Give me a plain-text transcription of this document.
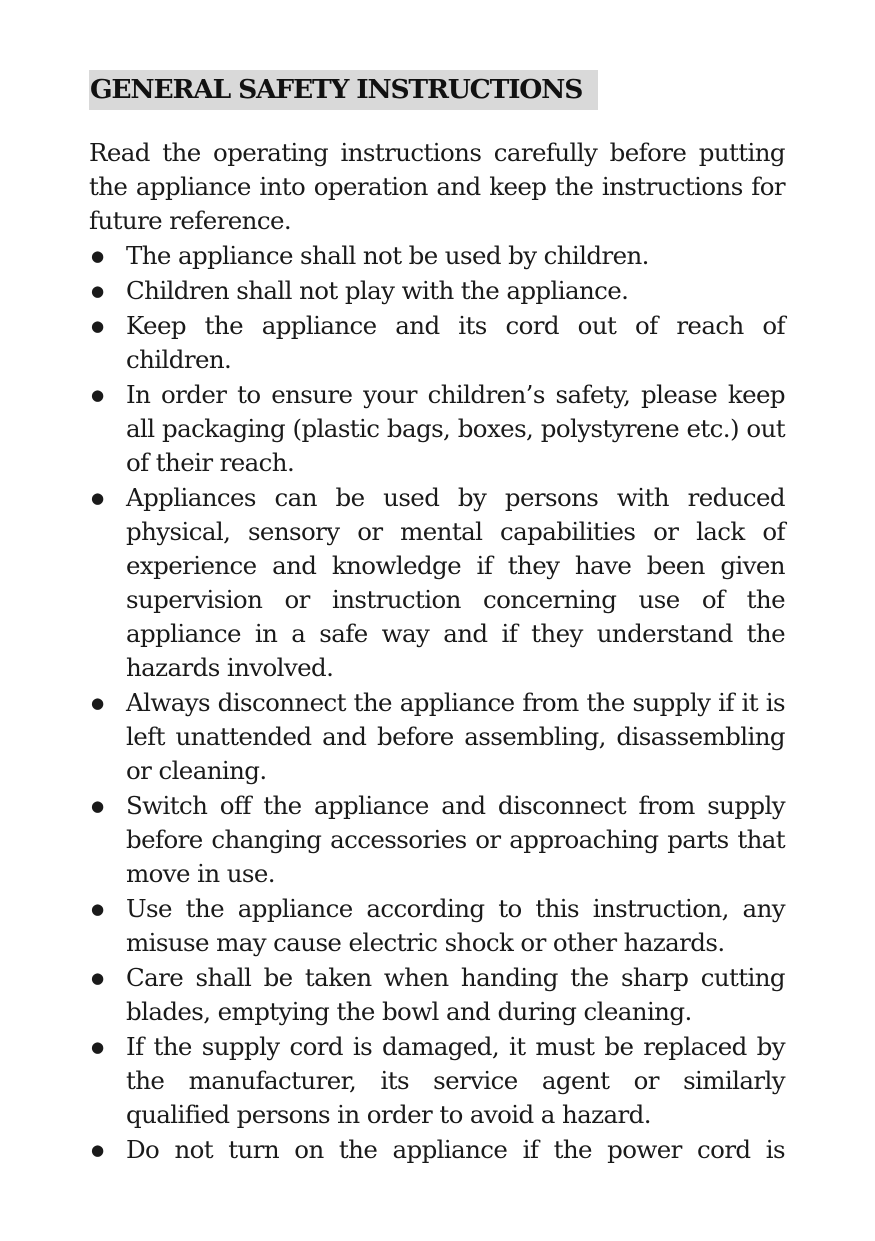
GENERAL SAFETY INSTRUCTIONS

Read the operating instructions carefully before putting the appliance into operation and keep the instructions for future reference.

● The appliance shall not be used by children.
● Children shall not play with the appliance.
● Keep the appliance and its cord out of reach of children.
● In order to ensure your children’s safety, please keep all packaging (plastic bags, boxes, polystyrene etc.) out of their reach.
● Appliances can be used by persons with reduced physical, sensory or mental capabilities or lack of experience and knowledge if they have been given supervision or instruction concerning use of the appliance in a safe way and if they understand the hazards involved.
● Always disconnect the appliance from the supply if it is left unattended and before assembling, disassembling or cleaning.
● Switch off the appliance and disconnect from supply before changing accessories or approaching parts that move in use.
● Use the appliance according to this instruction, any misuse may cause electric shock or other hazards.
● Care shall be taken when handing the sharp cutting blades, emptying the bowl and during cleaning.
● If the supply cord is damaged, it must be replaced by the manufacturer, its service agent or similarly qualified persons in order to avoid a hazard.
● Do not turn on the appliance if the power cord is
